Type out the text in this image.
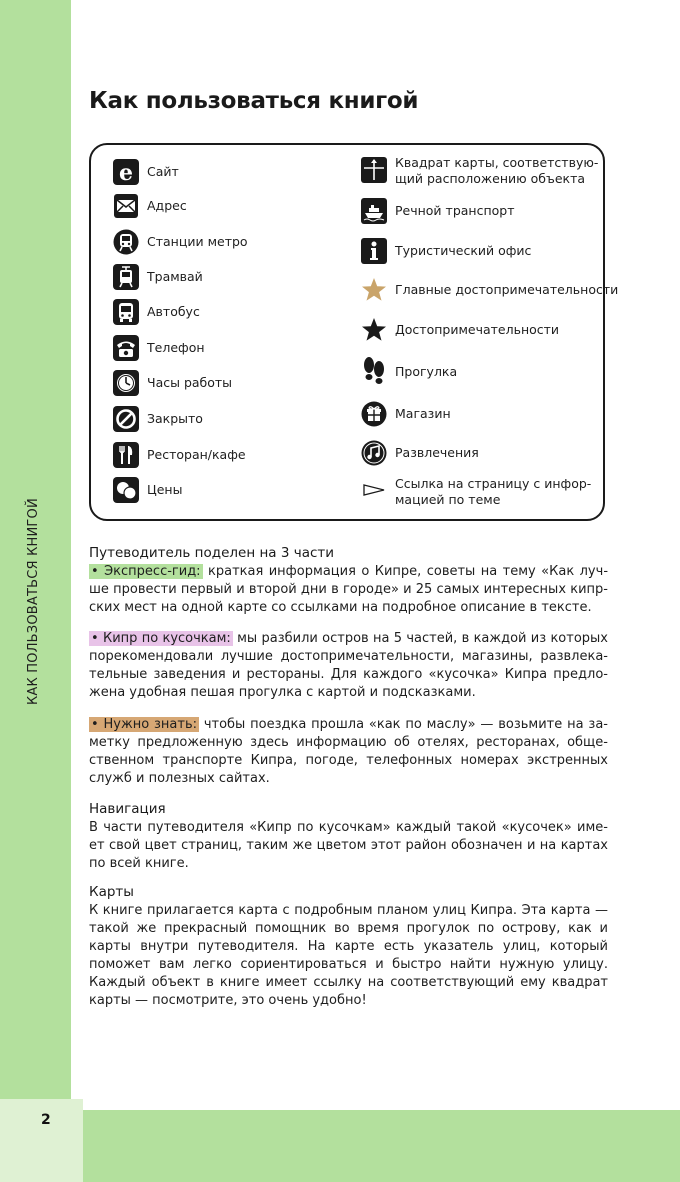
КАК ПОЛЬЗОВАТЬСЯ КНИГОЙ
2
Как пользоваться книгой
e Сайт
Адрес
Станции метро
Трамвай
Автобус
Телефон
Часы работы
Закрыто
Ресторан/кафе
Цены
Квадрат карты, соответствую-
щий расположению объекта
Речной транспорт
Туристический офис
Главные достопримечательности
Достопримечательности
Прогулка
Магазин
Развлечения
Ссылка на страницу с инфор-
мацией по теме
Путеводитель поделен на 3 части
• Экспресс-гид: краткая информация о Кипре, советы на тему «Как лучше провести первый и второй дни в городе» и 25 самых интересных кипрских мест на одной карте со ссылками на подробное описание в тексте.
• Кипр по кусочкам: мы разбили остров на 5 частей, в каждой из которых порекомендовали лучшие достопримечательности, магазины, развлекательные заведения и рестораны. Для каждого «кусочка» Кипра предложена удобная пешая прогулка с картой и подсказками.
• Нужно знать: чтобы поездка прошла «как по маслу» — возьмите на заметку предложенную здесь информацию об отелях, ресторанах, общественном транспорте Кипра, погоде, телефонных номерах экстренных служб и полезных сайтах.
Навигация
В части путеводителя «Кипр по кусочкам» каждый такой «кусочек» имеет свой цвет страниц, таким же цветом этот район обозначен и на картах по всей книге.
Карты
К книге прилагается карта с подробным планом улиц Кипра. Эта карта — такой же прекрасный помощник во время прогулок по острову, как и карты внутри путеводителя. На карте есть указатель улиц, который поможет вам легко сориентироваться и быстро найти нужную улицу. Каждый объект в книге имеет ссылку на соответствующий ему квадрат карты — посмотрите, это очень удобно!
